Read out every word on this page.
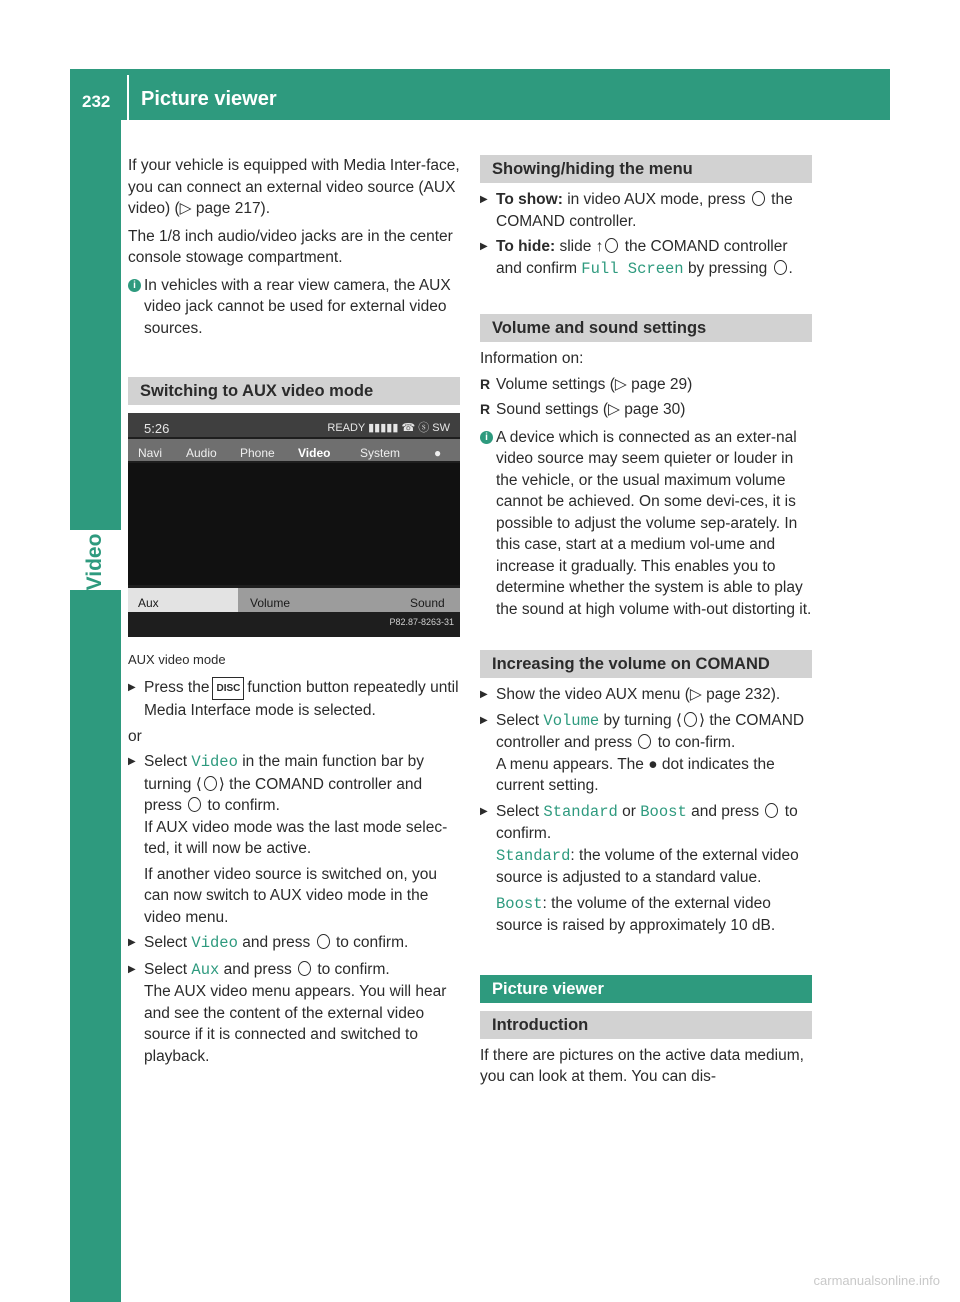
232 Picture viewer
Video

If your vehicle is equipped with Media Inter-face, you can connect an external video source (AUX video) (▷ page 217).

The 1/8 inch audio/video jacks are in the center console stowage compartment.

i In vehicles with a rear view camera, the AUX video jack cannot be used for external video sources.
Switching to AUX video mode
5:26	READY ▮▮▮▮▮ ☎ ⓢ SW
Navi Audio Phone Video System	●
Aux	Volume	Sound
P82.87-8263-31

AUX video mode

▶ Press the DISC function button repeatedly until Media Interface mode is selected.

or

▶ Select Video in the main function bar by turning ⟨ ⟩ the COMAND controller and press to confirm.

If AUX video mode was the last mode selec-ted, it will now be active.

If another video source is switched on, you can now switch to AUX video mode in the video menu.

▶ Select Video and press to confirm.
▶ Select Aux and press to confirm.

The AUX video menu appears. You will hear and see the content of the external video source if it is connected and switched to playback.

Showing/hiding the menu
▶ To show: in video AUX mode, press the COMAND controller.
▶ To hide: slide ↑ the COMAND controller and confirm Full Screen by pressing .
Volume and sound settings

Information on:

R Volume settings (▷ page 29)
R Sound settings (▷ page 30)
i A device which is connected as an exter-nal video source may seem quieter or louder in the vehicle, or the usual maximum volume cannot be achieved. On some devi-ces, it is possible to adjust the volume sep-arately. In this case, start at a medium vol-ume and increase it gradually. This enables you to determine whether the system is able to play the sound at high volume with-out distorting it.
Increasing the volume on COMAND
▶ Show the video AUX menu (▷ page 232).
▶ Select Volume by turning ⟨ ⟩ the COMAND controller and press to con-firm.

A menu appears. The ● dot indicates the current setting.

▶ Select Standard or Boost and press to confirm.

Standard: the volume of the external video source is adjusted to a standard value.

Boost: the volume of the external video source is raised by approximately 10 dB.

Picture viewer
Introduction

If there are pictures on the active data medium, you can look at them. You can dis-

carmanualsonline.info
